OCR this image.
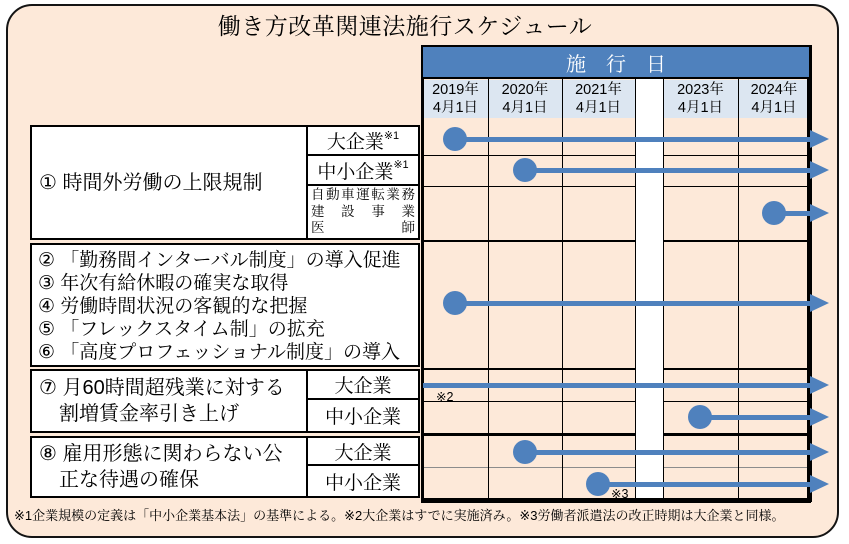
働き方改革関連法施行スケジュール
施　行　日
2019年
4月1日
2020年
4月1日
2021年
4月1日
2023年
4月1日
2024年
4月1日
① 時間外労働の上限規制
大企業$^{※1}$
中小企業$^{※1}$
自動車運転業務
建設事業
医師
② 「勤務間インターバル制度」の導入促進
③ 年次有給休暇の確実な取得
④ 労働時間状況の客観的な把握
⑤ 「フレックスタイム制」の拡充
⑥ 「高度プロフェッショナル制度」の導入
⑦ 月60時間超残業に対する
割増賃金率引き上げ
大企業
中小企業
⑧ 雇用形態に関わらない公
正な待遇の確保
大企業
中小企業
※2
※3
※1企業規模の定義は「中小企業基本法」の基準による。※2大企業はすでに実施済み。※3労働者派遣法の改正時期は大企業と同様。
